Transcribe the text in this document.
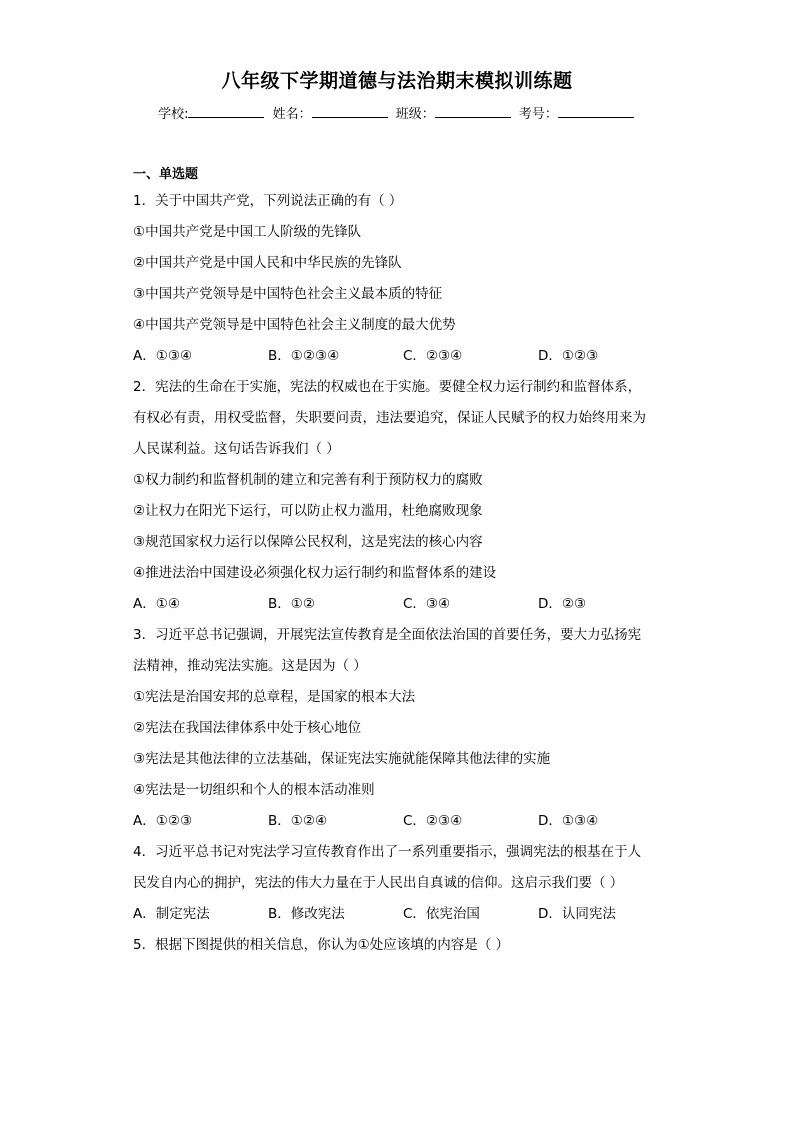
八年级下学期道德与法治期末模拟训练题
学校:	姓名：	班级：	考号：
一、单选题
1．关于中国共产党，下列说法正确的有（ ）
①中国共产党是中国工人阶级的先锋队
②中国共产党是中国人民和中华民族的先锋队
③中国共产党领导是中国特色社会主义最本质的特征
④中国共产党领导是中国特色社会主义制度的最大优势
A．①③④	B．①②③④	C．②③④	D．①②③
2．宪法的生命在于实施，宪法的权威也在于实施。要健全权力运行制约和监督体系，
有权必有责，用权受监督，失职要问责，违法要追究，保证人民赋予的权力始终用来为
人民谋利益。这句话告诉我们（ ）
①权力制约和监督机制的建立和完善有利于预防权力的腐败
②让权力在阳光下运行，可以防止权力滥用，杜绝腐败现象
③规范国家权力运行以保障公民权利，这是宪法的核心内容
④推进法治中国建设必须强化权力运行制约和监督体系的建设
A．①④	B．①②	C．③④	D．②③
3．习近平总书记强调，开展宪法宣传教育是全面依法治国的首要任务，要大力弘扬宪
法精神，推动宪法实施。这是因为（ ）
①宪法是治国安邦的总章程，是国家的根本大法
②宪法在我国法律体系中处于核心地位
③宪法是其他法律的立法基础，保证宪法实施就能保障其他法律的实施
④宪法是一切组织和个人的根本活动准则
A．①②③	B．①②④	C．②③④	D．①③④
4．习近平总书记对宪法学习宣传教育作出了一系列重要指示，强调宪法的根基在于人
民发自内心的拥护，宪法的伟大力量在于人民出自真诚的信仰。这启示我们要（ ）
A．制定宪法	B．修改宪法	C．依宪治国	D．认同宪法
5．根据下图提供的相关信息，你认为①处应该填的内容是（ ）
